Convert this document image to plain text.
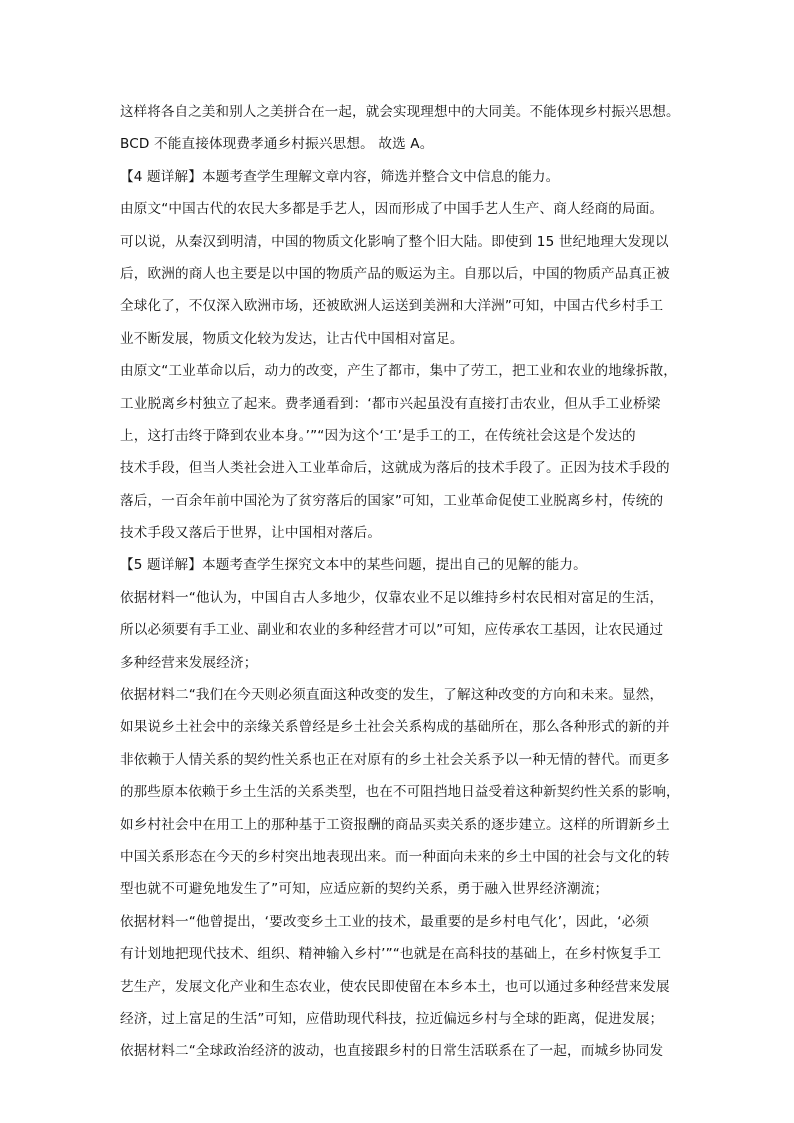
这样将各自之美和别人之美拼合在一起，就会实现理想中的大同美。不能体现乡村振兴思想。
BCD 不能直接体现费孝通乡村振兴思想。 故选 A。
【4 题详解】本题考查学生理解文章内容，筛选并整合文中信息的能力。
由原文“中国古代的农民大多都是手艺人，因而形成了中国手艺人生产、商人经商的局面。
可以说，从秦汉到明清，中国的物质文化影响了整个旧大陆。即使到 15 世纪地理大发现以
后，欧洲的商人也主要是以中国的物质产品的贩运为主。自那以后，中国的物质产品真正被
全球化了，不仅深入欧洲市场，还被欧洲人运送到美洲和大洋洲”可知，中国古代乡村手工
业不断发展，物质文化较为发达，让古代中国相对富足。
由原文“工业革命以后，动力的改变，产生了都市，集中了劳工，把工业和农业的地缘拆散，
工业脱离乡村独立了起来。费孝通看到：‘都市兴起虽没有直接打击农业，但从手工业桥梁
上，这打击终于降到农业本身。’”“因为这个‘工’是手工的工，在传统社会这是个发达的
技术手段，但当人类社会进入工业革命后，这就成为落后的技术手段了。正因为技术手段的
落后，一百余年前中国沦为了贫穷落后的国家”可知，工业革命促使工业脱离乡村，传统的
技术手段又落后于世界，让中国相对落后。
【5 题详解】本题考查学生探究文本中的某些问题，提出自己的见解的能力。
依据材料一“他认为，中国自古人多地少，仅靠农业不足以维持乡村农民相对富足的生活，
所以必须要有手工业、副业和农业的多种经营才可以”可知，应传承农工基因，让农民通过
多种经营来发展经济；
依据材料二“我们在今天则必须直面这种改变的发生，了解这种改变的方向和未来。显然，
如果说乡土社会中的亲缘关系曾经是乡土社会关系构成的基础所在，那么各种形式的新的并
非依赖于人情关系的契约性关系也正在对原有的乡土社会关系予以一种无情的替代。而更多
的那些原本依赖于乡土生活的关系类型，也在不可阻挡地日益受着这种新契约性关系的影响，
如乡村社会中在用工上的那种基于工资报酬的商品买卖关系的逐步建立。这样的所谓新乡土
中国关系形态在今天的乡村突出地表现出来。而一种面向未来的乡土中国的社会与文化的转
型也就不可避免地发生了”可知，应适应新的契约关系，勇于融入世界经济潮流；
依据材料一“他曾提出，‘要改变乡土工业的技术，最重要的是乡村电气化’，因此，‘必须
有计划地把现代技术、组织、精神输入乡村’”“也就是在高科技的基础上，在乡村恢复手工
艺生产，发展文化产业和生态农业，使农民即使留在本乡本土，也可以通过多种经营来发展
经济，过上富足的生活”可知，应借助现代科技，拉近偏远乡村与全球的距离，促进发展；
依据材料二“全球政治经济的波动，也直接跟乡村的日常生活联系在了一起，而城乡协同发
